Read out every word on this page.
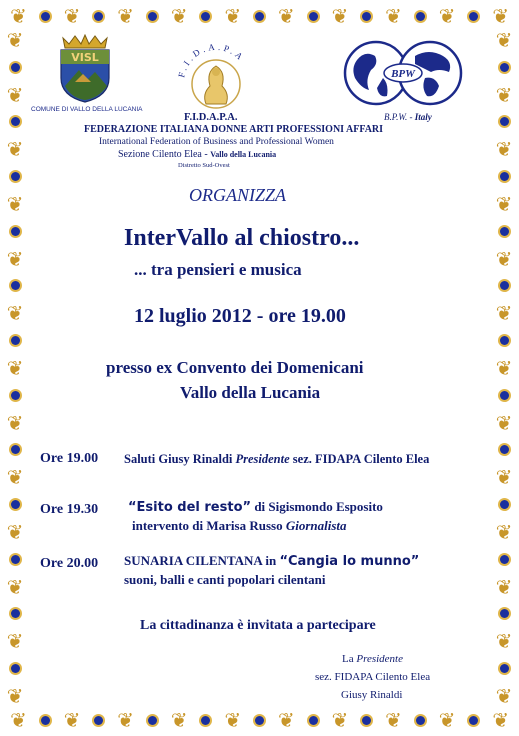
❦ ❦ ❦ ❦ ❦ ❦ ❦ ❦ ❦ ❦
❦ ❦ ❦ ❦ ❦ ❦ ❦ ❦ ❦ ❦
❦
❦
❦
❦
❦
❦
❦
❦
❦
❦
❦
❦
❦
❦
❦
❦
❦
❦
❦
❦
❦
❦
❦
❦
❦
❦
VISL
F.I.D.A.P.A
BPW

COMUNE DI VALLO DELLA LUCANIA

F.I.D.A.P.A.	B.P.W. - Italy

FEDERAZIONE ITALIANA DONNE ARTI PROFESSIONI AFFARI

International Federation of Business and Professional Women

Sezione Cilento Elea - Vallo della Lucania

Distretto Sud-Ovest

ORGANIZZA

InterVallo al chiostro...

... tra pensieri e musica

12 luglio 2012 - ore 19.00

presso ex Convento dei Domenicani

Vallo della Lucania

Ore 19.00 Saluti Giusy Rinaldi Presidente sez. FIDAPA Cilento Elea

Ore 19.30 “Esito del resto” di Sigismondo Esposito

intervento di Marisa Russo Giornalista

Ore 20.00 SUNARIA CILENTANA in “Cangia lo munno”

suoni, balli e canti popolari cilentani

La cittadinanza è invitata a partecipare

La Presidente

sez. FIDAPA Cilento Elea

Giusy Rinaldi
